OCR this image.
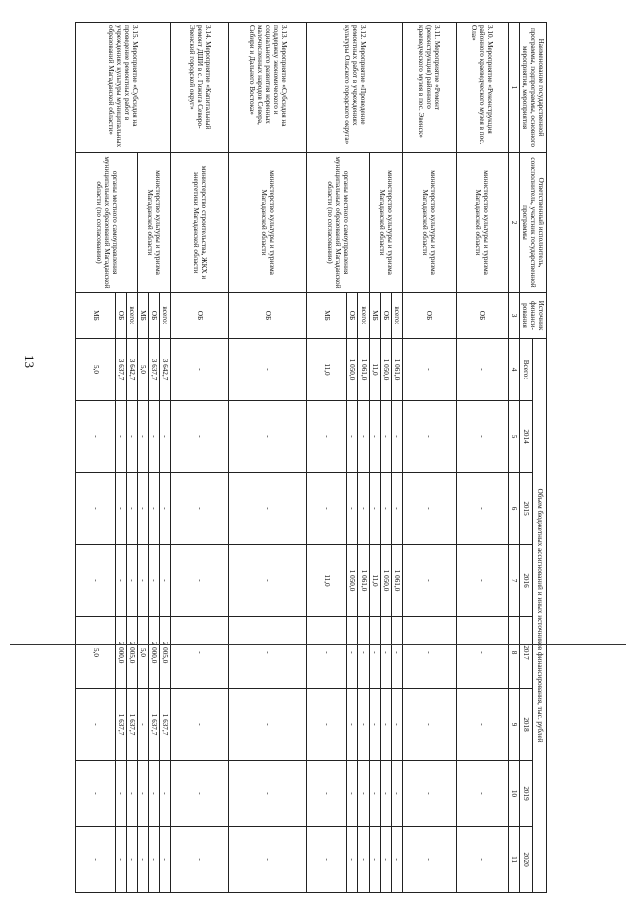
13
Наименование государственной программы, подпрограммы, основного мероприятия, мероприятия	Ответственный исполнитель, соисполнитель, участник государственной программы	Источник финанси-рования	Объем бюджетных ассигнований и иных источников финансирования, тыс. рублей							
			Всего:	2014	2015	2016	2017	2018	2019	2020
1	2	3	4	5	6	7	8	9	10	11
3.10. Мероприятие «Реконструкция районного краеведческого музея в пос. Ола»	министерство культуры и туризма Магаданской области	ОБ	-	-	-	-	-	-	-	-
3.11. Мероприятие «Ремонт (реконструкция) районного краеведческого музея в пос. Эвенск»	министерство культуры и туризма Магаданской области	ОБ	-	-	-	-	-	-	-	-
3.12. Мероприятие «Проведение ремонтных работ в учреждениях культуры Ольского городского округа»	министерство культуры и туризма Магаданской области	всего:	1 061,0	-	-	1 061,0	-	-	-	-
		ОБ	1 050,0	-	-	1 050,0	-	-	-	-
		МБ	11,0	-	-	11,0	-	-	-	-
	органы местного самоуправления муниципальных образований Магаданской области (по согласованию)	всего:	1 061,0	-	-	1 061,0	-	-	-	-
		ОБ	1 050,0	-	-	1 050,0	-	-	-	-
		МБ	11,0	-	-	11,0	-	-	-	-
3.13. Мероприятие «Субсидия на поддержку экономического и социального развития коренных малочисленных народов Севера, Сибири и Дальнего Востока»	министерство культуры и туризма Магаданской области	ОБ	-	-	-	-	-	-	-	-
3.14. Мероприятие «Капитальный ремонт ДШИ в с. Гижига Северо-Эвенский городской округ»	министерство строительства, ЖКХ и энергетики Магаданской области	ОБ	-	-	-	-	-	-	-	-
3.15. Мероприятие «Субсидия на проведение ремонтных работ в учреждениях культуры муниципальных образований Магаданской области»	министерство культуры и туризма Магаданской области	всего:	3 642,7	-	-	-	2 005,0	1 637,7	-	-
		ОБ	3 637,7	-	-	-	2 000,0	1 637,7	-	-
		МБ	5,0	-	-	-	5,0	-	-	-
	органы местного самоуправления муниципальных образований Магаданской области (по согласованию)	всего:	3 642,7	-	-	-	2 005,0	1 637,7	-	-
		ОБ	3 637,7	-	-	-	2 000,0	1 637,7	-	-
		МБ	5,0	-	-	-	5,0	-	-	-
